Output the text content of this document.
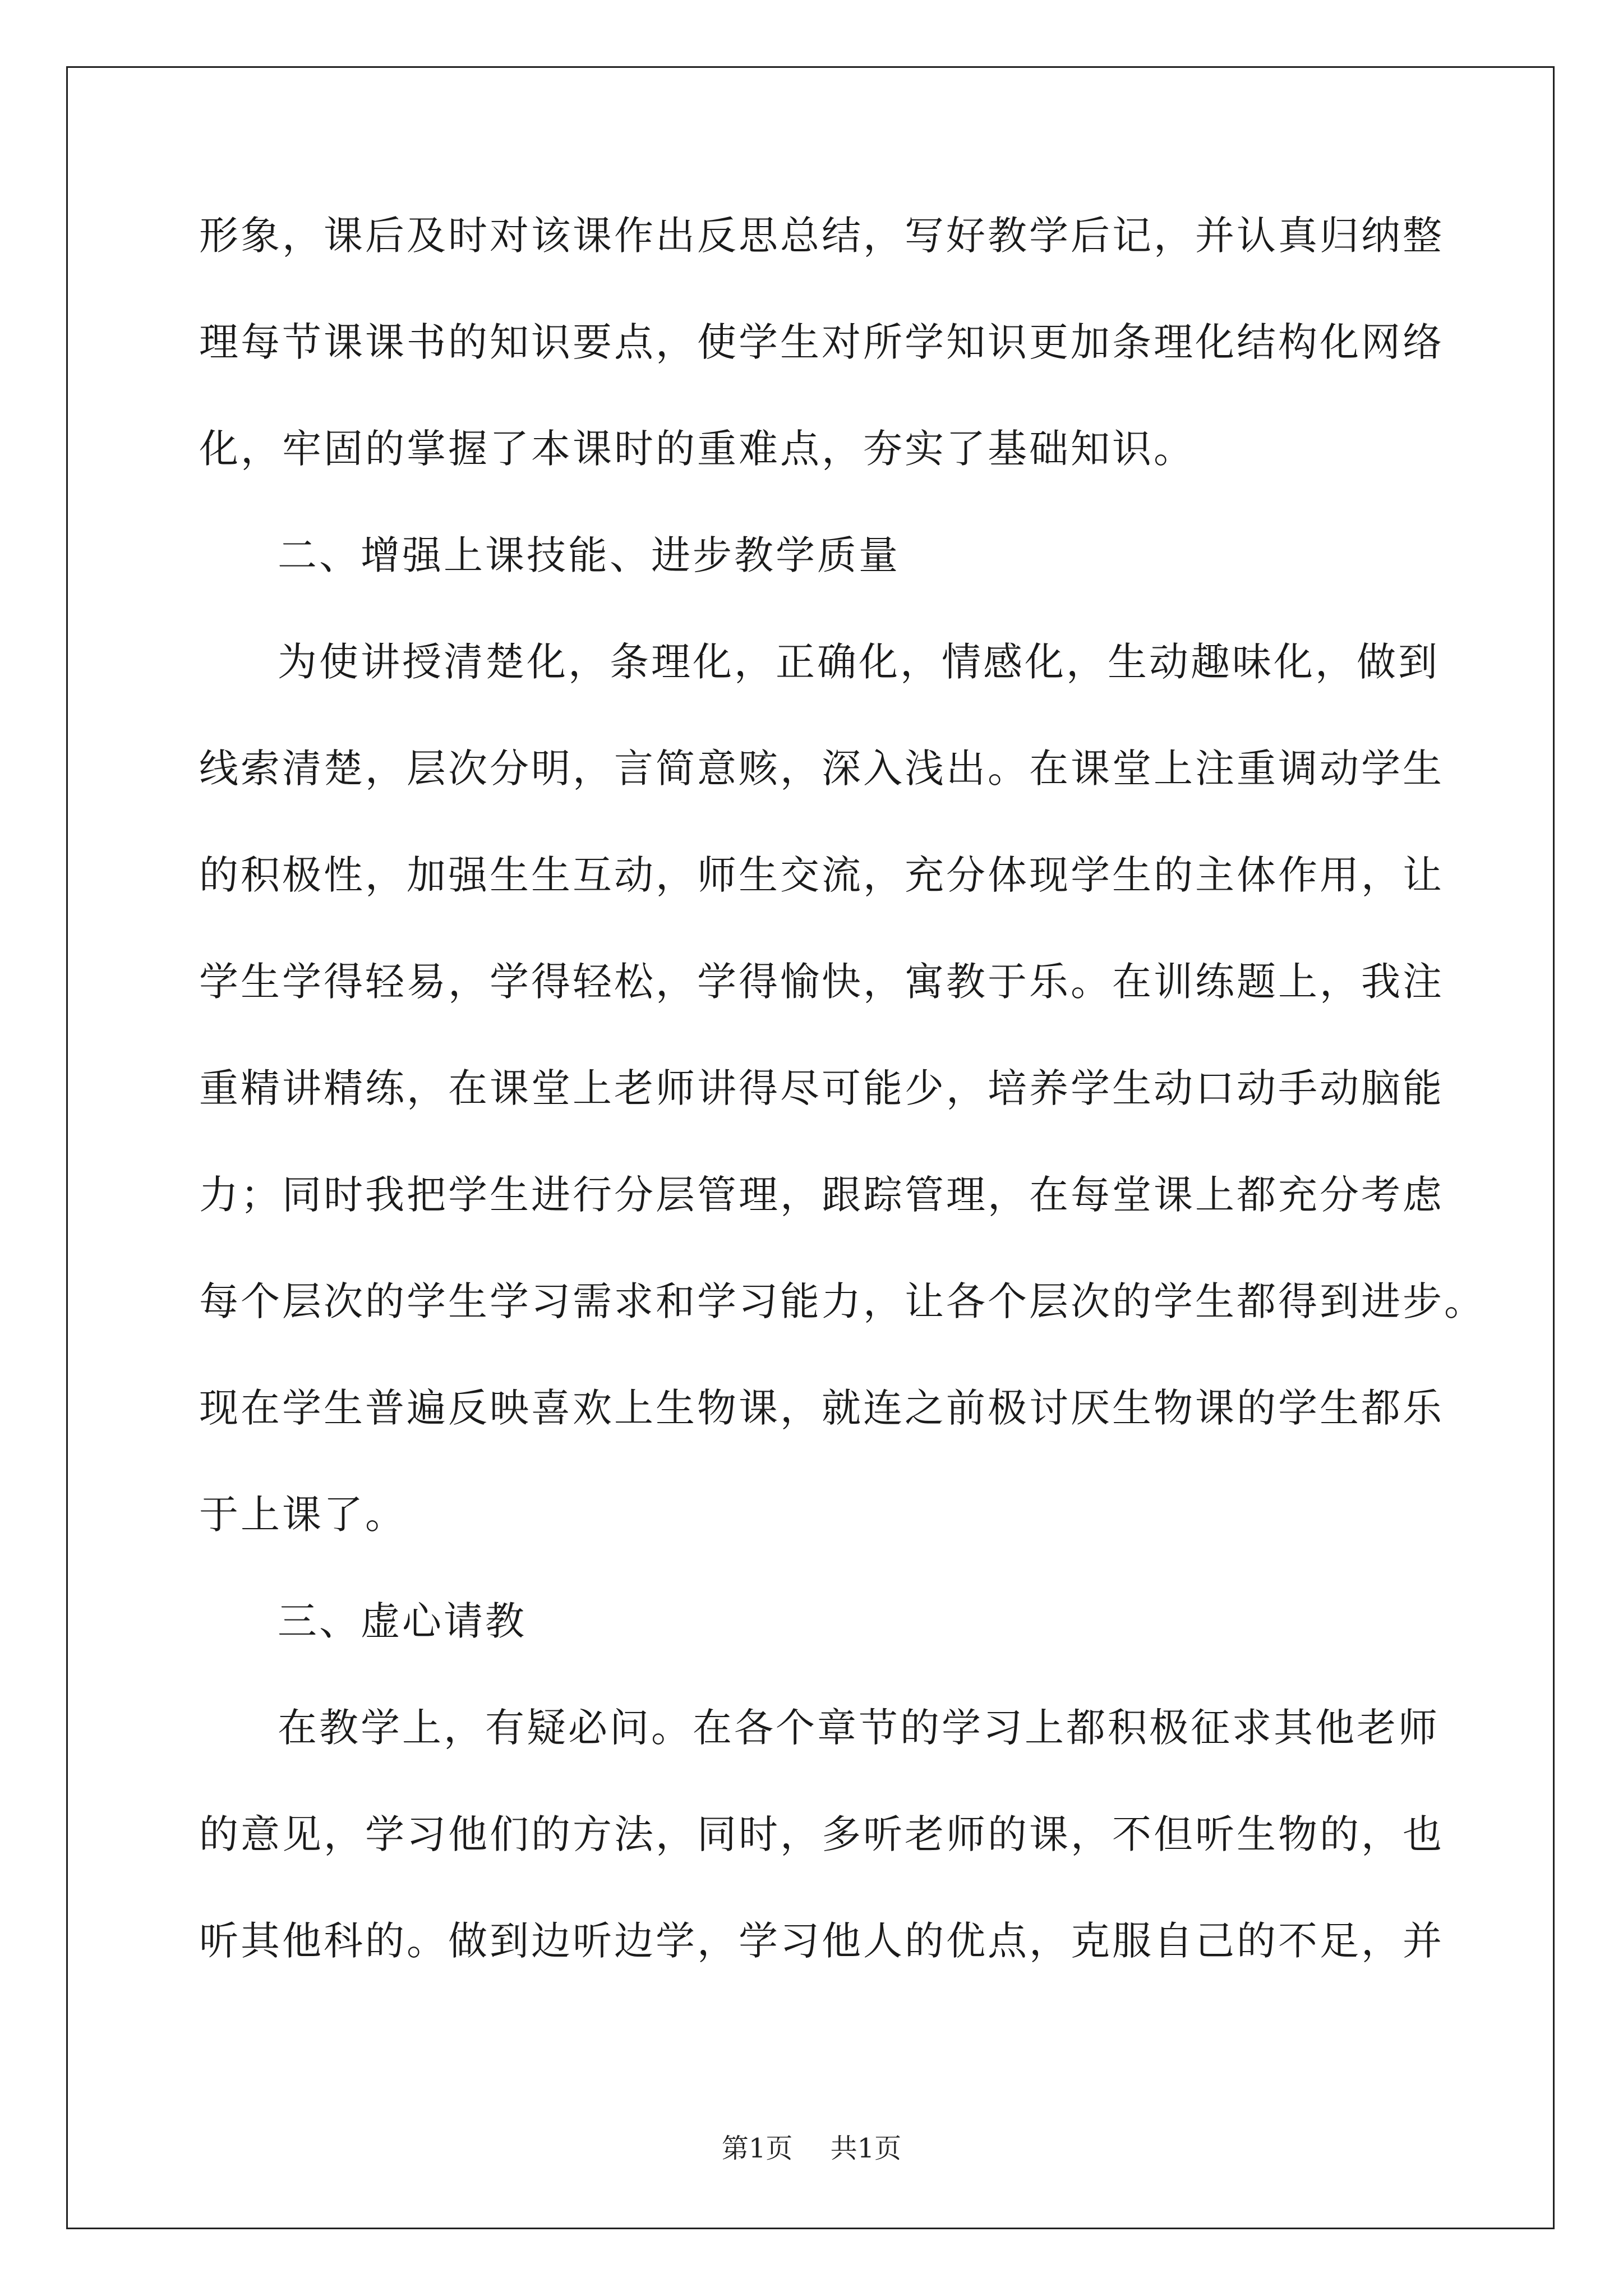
形象，课后及时对该课作出反思总结，写好教学后记，并认真归纳整
理每节课课书的知识要点，使学生对所学知识更加条理化结构化网络
化，牢固的掌握了本课时的重难点，夯实了基础知识。
二、增强上课技能、进步教学质量
为使讲授清楚化，条理化，正确化，情感化，生动趣味化，做到
线索清楚，层次分明，言简意赅，深入浅出。在课堂上注重调动学生
的积极性，加强生生互动，师生交流，充分体现学生的主体作用，让
学生学得轻易，学得轻松，学得愉快，寓教于乐。在训练题上，我注
重精讲精练，在课堂上老师讲得尽可能少，培养学生动口动手动脑能
力；同时我把学生进行分层管理，跟踪管理，在每堂课上都充分考虑
每个层次的学生学习需求和学习能力，让各个层次的学生都得到进步。
现在学生普遍反映喜欢上生物课，就连之前极讨厌生物课的学生都乐
于上课了。
三、虚心请教
在教学上，有疑必问。在各个章节的学习上都积极征求其他老师
的意见，学习他们的方法，同时，多听老师的课，不但听生物的，也
听其他科的。做到边听边学，学习他人的优点，克服自己的不足，并
第1页 共1页
